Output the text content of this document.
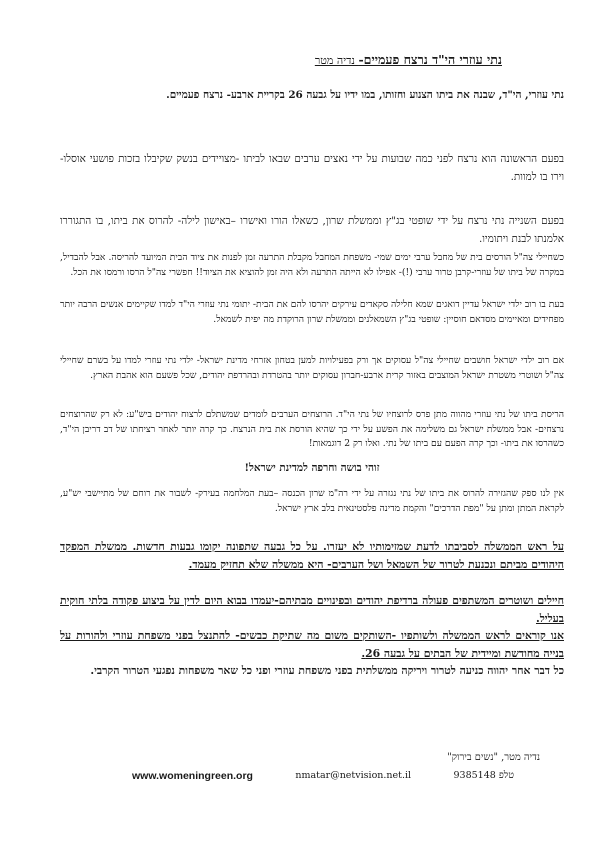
נתי עוזרי הי"ד נרצח פעמיים- נדיה מטר
נתי עוזרי, הי"ד, שבנה את ביתו הצנוע וחזותו, במו ידיו על גבעה 26 בקריית ארבע- נרצח פעמיים.
בפעם הראשונה הוא נרצח לפני כמה שבועות על ידי נאצים ערבים שבאו לביתו -מצויידים בנשק שקיבלו בזכות פושעי אוסלו- וירו בו למוות.
בפעם השנייה נתי נרצח על ידי שופטי בג"ץ וממשלת שרון, כשאלו הורו ואישרו –באישון לילה- להרוס את ביתו, בו התגוררו אלמנתו לבנת ויתומיו.
כשחיילי צה"ל הורסים בית של מחבל ערבי ימים שמי- משפחת המחבל מקבלת התרעה זמן לפנות את ציוד הבית המיועד להריסה. אבל להבדיל, במקרה של ביתו של עוזרי-קרבן טרור ערבי (!)- אפילו לא הייתה התרעה ולא היה זמן להוציא את הציוד!! חפשרי צה"ל הרסו ורמסו את הכל.
בעת בו רוב ילדי ישראל עדיין דואגים שמא חלילה סקאדים עירקים יהרסו להם את הבית- יתומי נתי עוזרי הי"ד למדו שקיימים אנשים הרבה יותר מפחידים ומאיימים מסדאם חוסיין: שופטי בג"ץ השמאלנים וממשלת שרון הרוקדת מה יפית לשמאל.
אם רוב ילדי ישראל חושבים שחיילי צה"ל עסוקים אך ורק בפעילויות למען בטחון אזרחי מדינת ישראל- ילדי נתי עוזרי למדו על בשרם שחיילי צה"ל ושוטרי משטרת ישראל המוצבים באזור קרית ארבע-חברון עסוקים יותר בהטרדת ובהרדפת יהודים, שכל פשעם הוא אהבת הארץ.
הריסת ביתו של נתי עוזרי מהווה מתן פרס לרוצחיו של נתי הי"ד. הרוצחים הערבים לומדים שמשתלם לרצוח יהודים ביש"ע: לא רק שהרוצחים נרצחים- אבל ממשלת ישראל גם משלימה את הפשע על ידי כך שהיא הורסת את בית הנרצח. כך קרה יותר לאחר רציחתו של דב דריבן הי"ד, כשהרסו את ביתו- וכך קרה הפעם עם ביתו של נתי. ואלו רק 2 דוגמאות!
זוהי בושה וחרפה למדינת ישראל!
אין לנו ספק שהגזירה להרוס את ביתו של נתי נגזרה על ידי רה"מ שרון הכנסה –בעת המלחמה בעירק- לשבור את רוחם של מתיישבי יש"ע, לקראת המתן ומתן על "מפת הדרכים" והקמת מדינה פלסטינאית בלב ארץ ישראל.
על ראש הממשלה לסביבתו לדעת שמזימותיו לא יעזרו. על כל גבעה שתפונה יקומו גבעות חדשות. ממשלת המפקד היהודים מביתם ונכנעת לטרור של השמאל ושל הערבים- היא ממשלה שלא תחזיק מעמד.
חיילים ושוטרים המשתפים פעולה ברדיפת יהודים ובפינויים מבתיהם-יעמדו בבוא היום לדין על ביצוע פקודה בלתי חוקית בעליל.
אנו קוראים לראש הממשלה ולשותפיו -השותקים משום מה שתיקת כבשים- להתנצל בפני משפחת עוזרי ולהורות על בנייה מחודשת ומיידית של הבתים על גבעה 26.
כל דבר אחר יהווה כניעה לטרור ויריקה ממשלתית בפני משפחת עוזרי ופני כל שאר משפחות נפגעי הטרור הקרבי.
נדיה מטר, "נשים בירוק"
טלפ 9385148
nmatar@netvision.net.il
www.womeningreen.org
